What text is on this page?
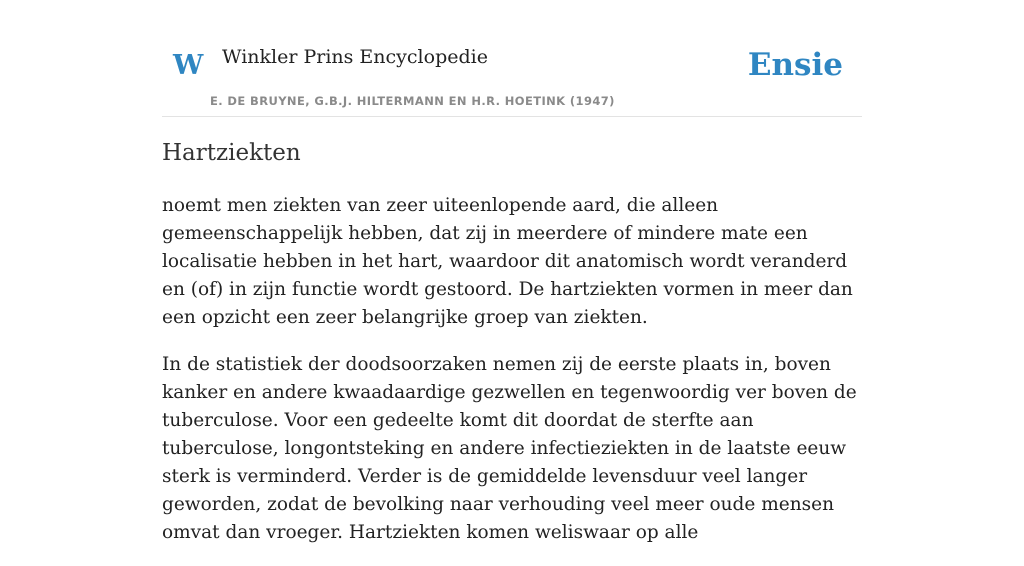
W Winkler Prins Encyclopedie
E. DE BRUYNE, G.B.J. HILTERMANN EN H.R. HOETINK (1947)
Ensie
Hartziekten

noemt men ziekten van zeer uiteenlopende aard, die alleen gemeenschappelijk hebben, dat zij in meerdere of mindere mate een localisatie hebben in het hart, waardoor dit anatomisch wordt veranderd en (of) in zijn functie wordt gestoord. De hartziekten vormen in meer dan een opzicht een zeer belangrijke groep van ziekten.

In de statistiek der doodsoorzaken nemen zij de eerste plaats in, boven kanker en andere kwaadaardige gezwellen en tegenwoordig ver boven de tuberculose. Voor een gedeelte komt dit doordat de sterfte aan tuberculose, longontsteking en andere infectieziekten in de laatste eeuw sterk is verminderd. Verder is de gemiddelde levensduur veel langer geworden, zodat de bevolking naar verhouding veel meer oude mensen omvat dan vroeger. Hartziekten komen weliswaar op alle
